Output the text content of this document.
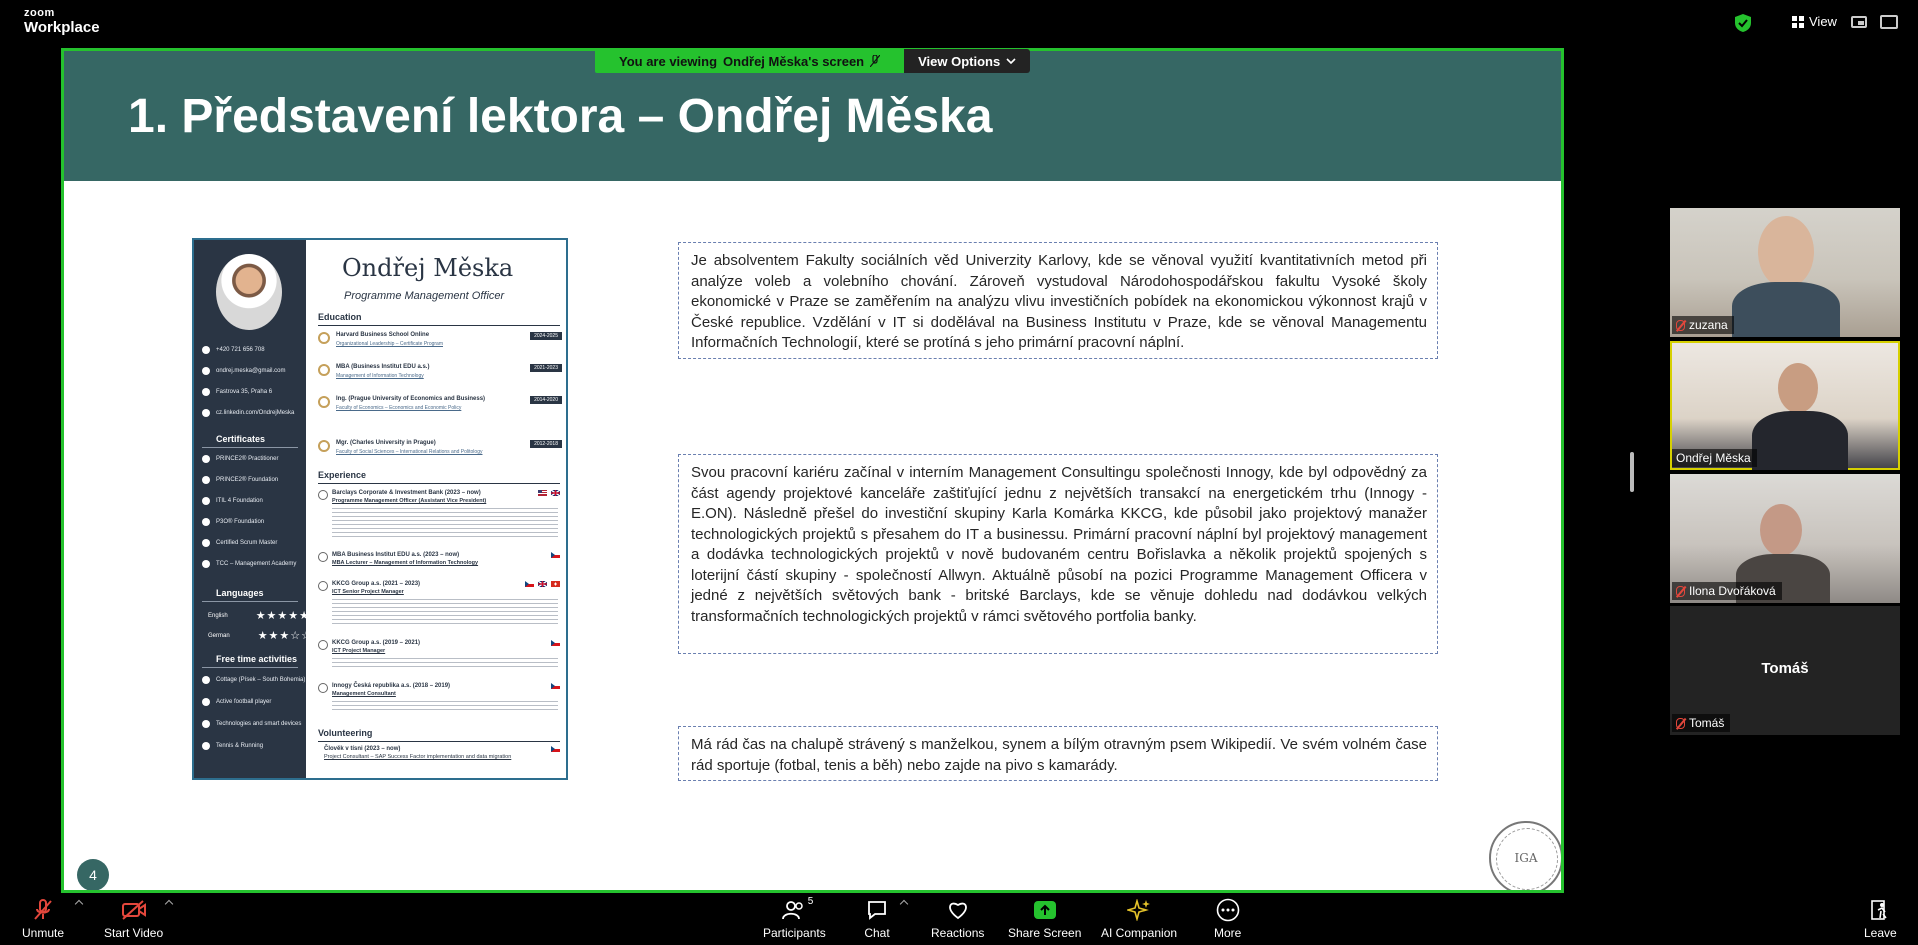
zoom
Workplace	View
1. Představení lektora – Ondřej Měska
+420 721 656 708
ondrej.meska@gmail.com
Fastrova 35, Praha 6
cz.linkedin.com/OndrejMeska
Certificates
PRINCE2® Practitioner
PRINCE2® Foundation
ITIL 4 Foundation
P3O® Foundation
Certified Scrum Master
TCC – Management Academy
Languages
English	★★★★★
German	★★★☆☆
Free time activities
Cottage (Písek – South Bohemia)
Active football player
Technologies and smart devices
Tennis & Running
Ondřej Měska
Programme Management Officer
Education
Harvard Business School Online
Organizational Leadership – Certificate Program
2024-2025
MBA (Business Institut EDU a.s.)
Management of Information Technology
2021-2023
Ing. (Prague University of Economics and Business)
Faculty of Economics – Economics and Economic Policy
2014-2020
Mgr. (Charles University in Prague)
Faculty of Social Sciences – International Relations and Politology
2012-2018
Experience
Barclays Corporate & Investment Bank (2023 – now)
Programme Management Officer (Assistant Vice President)
MBA Business Institut EDU a.s. (2023 – now)
MBA Lecturer – Management of Information Technology
KKCG Group a.s. (2021 – 2023)
ICT Senior Project Manager
KKCG Group a.s. (2019 – 2021)
ICT Project Manager
Innogy Česká republika a.s. (2018 – 2019)
Management Consultant
Volunteering
Člověk v tísni (2023 – now)
Project Consultant – SAP Success Factor implementation and data migration
Je absolventem Fakulty sociálních věd Univerzity Karlovy, kde se věnoval využití kvantitativních metod při analýze voleb a volebního chování. Zároveň vystudoval Národohospodářskou fakultu Vysoké školy ekonomické v Praze se zaměřením na analýzu vlivu investičních pobídek na ekonomickou výkonnost krajů v České republice. Vzdělání v IT si dodělával na Business Institutu v Praze, kde se věnoval Managementu Informačních Technologií, které se protíná s jeho primární pracovní náplní.
Svou pracovní kariéru začínal v interním Management Consultingu společnosti Innogy, kde byl odpovědný za část agendy projektové kanceláře zaštiťující jednu z největších transakcí na energetickém trhu (Innogy - E.ON). Následně přešel do investiční skupiny Karla Komárka KKCG, kde působil jako projektový manažer technologických projektů s přesahem do IT a businessu. Primární pracovní náplní byl projektový management a dodávka technologických projektů v nově budovaném centru Bořislavka a několik projektů spojených s loterijní částí skupiny - společností Allwyn. Aktuálně působí na pozici Programme Management Officera v jedné z největších světových bank - britské Barclays, kde se věnuje dohledu nad dodávkou velkých transformačních technologických projektů v rámci světového portfolia banky.
Má rád čas na chalupě strávený s manželkou, synem a bílým otravným psem Wikipedií. Ve svém volném čase rád sportuje (fotbal, tenis a běh) nebo zajde na pivo s kamarády.
4
IGA
You are viewing Ondřej Měska's screen	View Options
zuzana
Ondřej Měska
Ilona Dvořáková
Tomáš
Tomáš
Unmute	Start Video
5
Participants	Chat	Reactions Share Screen AI Companion	More	Leave
